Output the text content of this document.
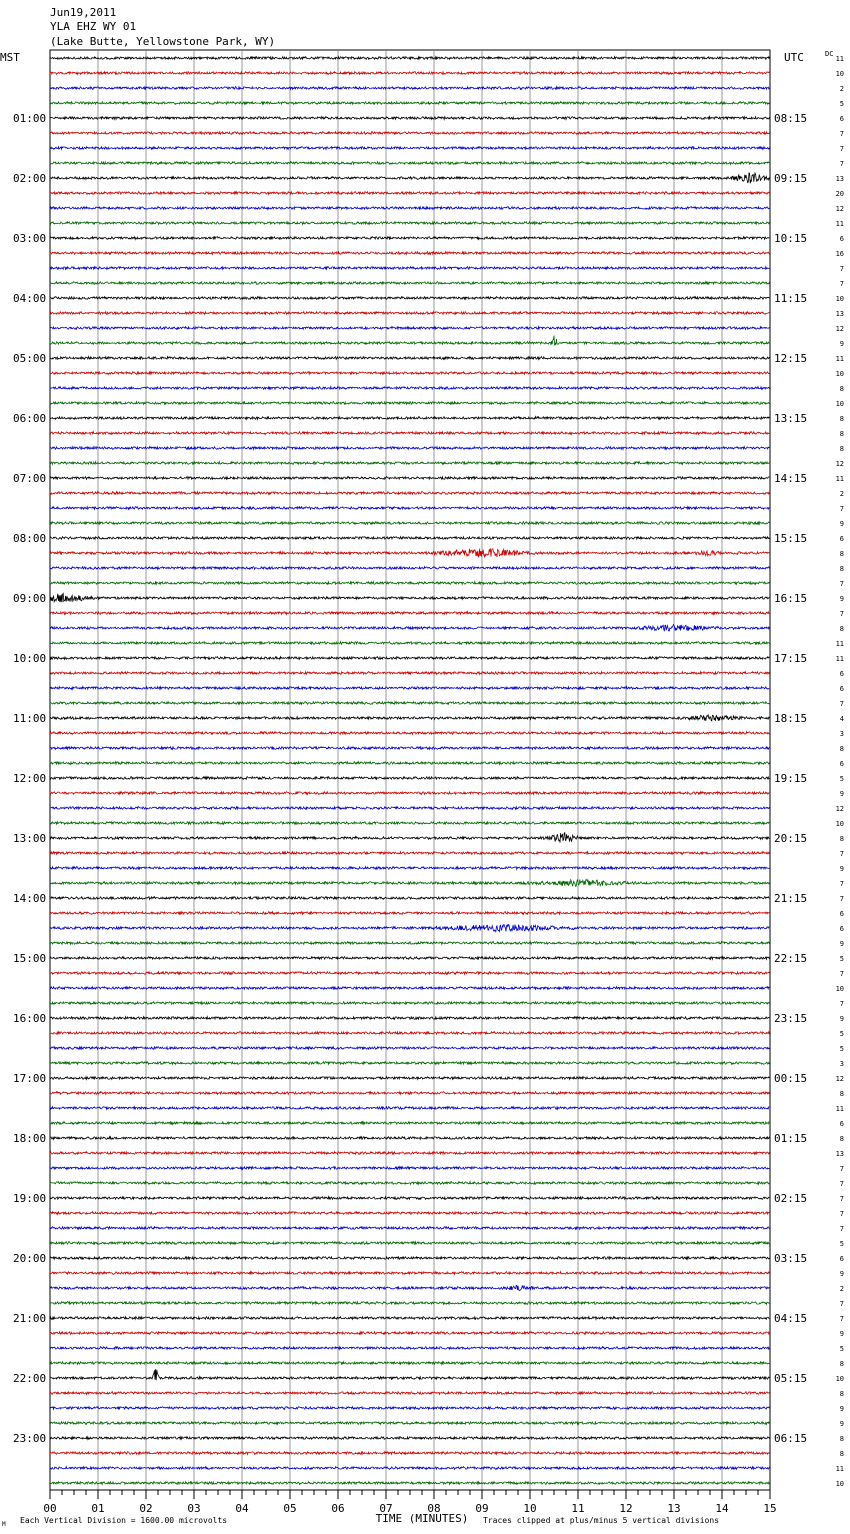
Jun19,2011
YLA EHZ WY 01
(Lake Butte, Yellowstone Park, WY)
MST	UTC	DC
11
10
2
5
6
7
7
7
13
20
12
11
6
16
7
7
10
13
12
9
11
10
8
10
8
8
8
12
11
2
7
9
6
8
8
7
9
7
8
11
11
6
6
7
4
3
8
6
5
9
12
10
8
7
9
7
7
6
6
9
5
7
10
7
9
5
5
3
12
8
11
6
8
13
7
7
7
7
7
5
6
9
2
7
7
9
5
8
10
8
9
9
8
8
11
10
01:00
02:00
03:00
04:00
05:00
06:00
07:00
08:00
09:00
10:00
11:00
12:00
13:00
14:00
15:00
16:00
17:00
18:00
19:00
20:00
21:00
22:00
23:00
08:15
09:15
10:15
11:15
12:15
13:15
14:15
15:15
16:15
17:15
18:15
19:15
20:15
21:15
22:15
23:15
00:15
01:15
02:15
03:15
04:15
05:15
06:15
00	01	02	03	04	05	06	07	08	09	10	11	12	13	14	15
TIME (MINUTES)
Each Vertical Division = 1600.00 microvolts	Traces clipped at plus/minus 5 vertical divisions
M
